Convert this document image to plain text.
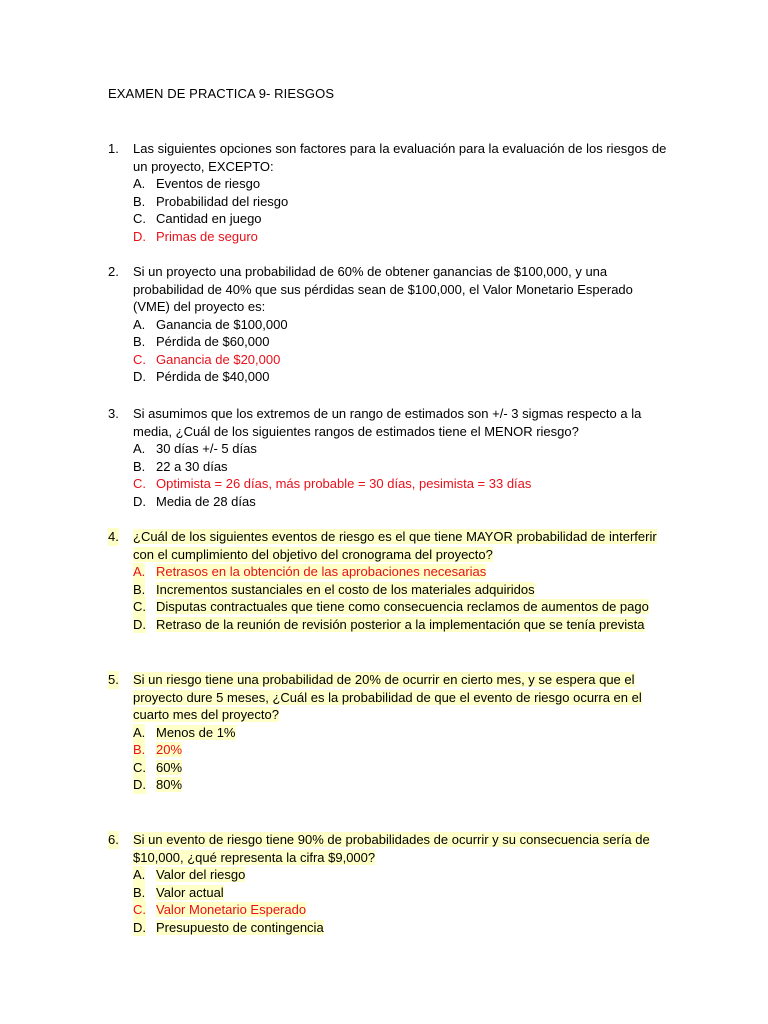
EXAMEN DE PRACTICA 9- RIESGOS
1. Las siguientes opciones son factores para la evaluación para la evaluación de los riesgos de un proyecto, EXCEPTO:
A. Eventos de riesgo
B. Probabilidad del riesgo
C. Cantidad en juego
D. Primas de seguro
2. Si un proyecto una probabilidad de 60% de obtener ganancias de $100,000, y una probabilidad de 40% que sus pérdidas sean de $100,000, el Valor Monetario Esperado (VME) del proyecto es:
A. Ganancia de $100,000
B. Pérdida de $60,000
C. Ganancia de $20,000
D. Pérdida de $40,000
3. Si asumimos que los extremos de un rango de estimados son +/- 3 sigmas respecto a la media, ¿Cuál de los siguientes rangos de estimados tiene el MENOR riesgo?
A. 30 días +/- 5 días
B. 22 a 30 días
C. Optimista = 26 días, más probable = 30 días, pesimista = 33 días
D. Media de 28 días
4. ¿Cuál de los siguientes eventos de riesgo es el que tiene MAYOR probabilidad de interferir con el cumplimiento del objetivo del cronograma del proyecto?
A. Retrasos en la obtención de las aprobaciones necesarias
B. Incrementos sustanciales en el costo de los materiales adquiridos
C. Disputas contractuales que tiene como consecuencia reclamos de aumentos de pago
D. Retraso de la reunión de revisión posterior a la implementación que se tenía prevista
5. Si un riesgo tiene una probabilidad de 20% de ocurrir en cierto mes, y se espera que el proyecto dure 5 meses, ¿Cuál es la probabilidad de que el evento de riesgo ocurra en el cuarto mes del proyecto?
A. Menos de 1%
B. 20%
C. 60%
D. 80%
6. Si un evento de riesgo tiene 90% de probabilidades de ocurrir y su consecuencia sería de $10,000, ¿qué representa la cifra $9,000?
A. Valor del riesgo
B. Valor actual
C. Valor Monetario Esperado
D. Presupuesto de contingencia
